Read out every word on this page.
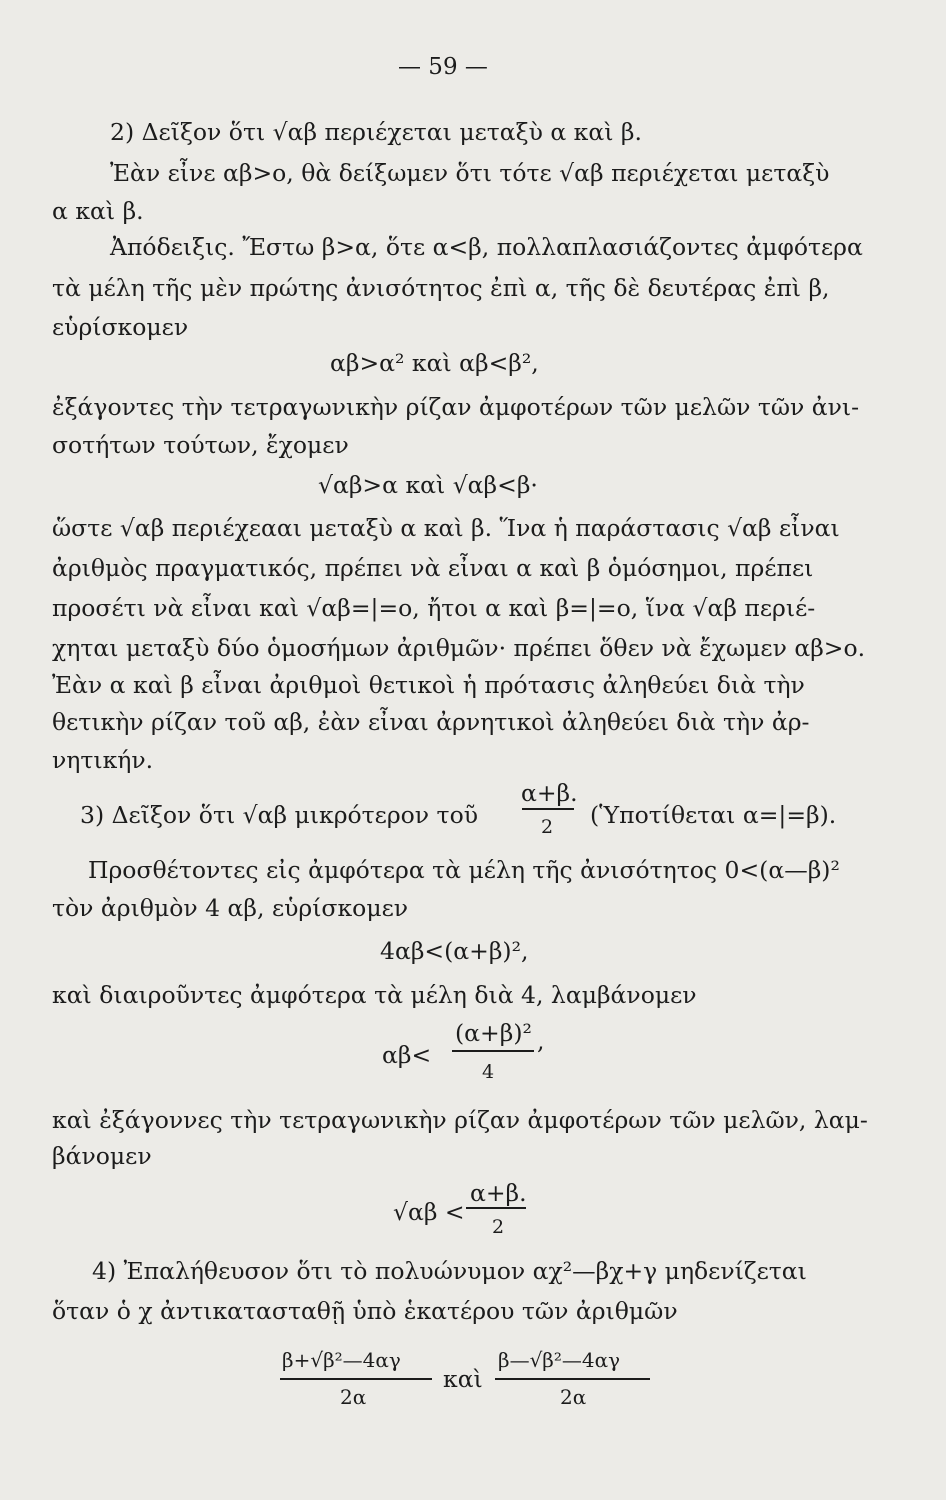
— 59 —
2) Δεῖξον ὅτι √αβ περιέχεται μεταξὺ α καὶ β.
Ἐὰν εἶνε αβ>ο, θὰ δείξωμεν ὅτι τότε √αβ περιέχεται μεταξὺ
α καὶ β.
Ἀπόδειξις. Ἔστω β>α, ὅτε α<β, πολλαπλασιάζοντες ἀμφότερα
τὰ μέλη τῆς μὲν πρώτης ἀνισότητος ἐπὶ α, τῆς δὲ δευτέρας ἐπὶ β,
εὑρίσκομεν
αβ>α² καὶ αβ<β²,
ἐξάγοντες τὴν τετραγωνικὴν ρίζαν ἀμφοτέρων τῶν μελῶν τῶν ἀνι-
σοτήτων τούτων, ἔχομεν
√αβ>α καὶ √αβ<β·
ὥστε √αβ περιέχεααι μεταξὺ α καὶ β. Ἵνα ἡ παράστασις √αβ εἶναι
ἀριθμὸς πραγματικός, πρέπει νὰ εἶναι α καὶ β ὁμόσημοι, πρέπει
προσέτι νὰ εἶναι καὶ √αβ=|=ο, ἤτοι α καὶ β=|=ο, ἵνα √αβ περιέ-
χηται μεταξὺ δύο ὁμοσήμων ἀριθμῶν· πρέπει ὅθεν νὰ ἔχωμεν αβ>ο.
Ἐὰν α καὶ β εἶναι ἀριθμοὶ θετικοὶ ἡ πρότασις ἀληθεύει διὰ τὴν
θετικὴν ρίζαν τοῦ αβ, ἐὰν εἶναι ἀρνητικοὶ ἀληθεύει διὰ τὴν ἀρ-
νητικήν.
3) Δεῖξον ὅτι √αβ μικρότερον τοῦ
α+β.
2 (Ὑποτίθεται α=|=β).
Προσθέτοντες εἰς ἀμφότερα τὰ μέλη τῆς ἀνισότητος 0<(α—β)²
τὸν ἀριθμὸν 4 αβ, εὑρίσκομεν
4αβ<(α+β)²,
καὶ διαιροῦντες ἀμφότερα τὰ μέλη διὰ 4, λαμβάνομεν
αβ<
(α+β)²
4
,
καὶ ἐξάγοννες τὴν τετραγωνικὴν ρίζαν ἀμφοτέρων τῶν μελῶν, λαμ-
βάνομεν
√αβ <
α+β.
2
4) Ἐπαλήθευσον ὅτι τὸ πολυώνυμον αχ²—βχ+γ μηδενίζεται
ὅταν ὁ χ ἀντικατασταθῇ ὑπὸ ἑκατέρου τῶν ἀριθμῶν
β+√β²—4αγ
2α
καὶ
β—√β²—4αγ
2α
